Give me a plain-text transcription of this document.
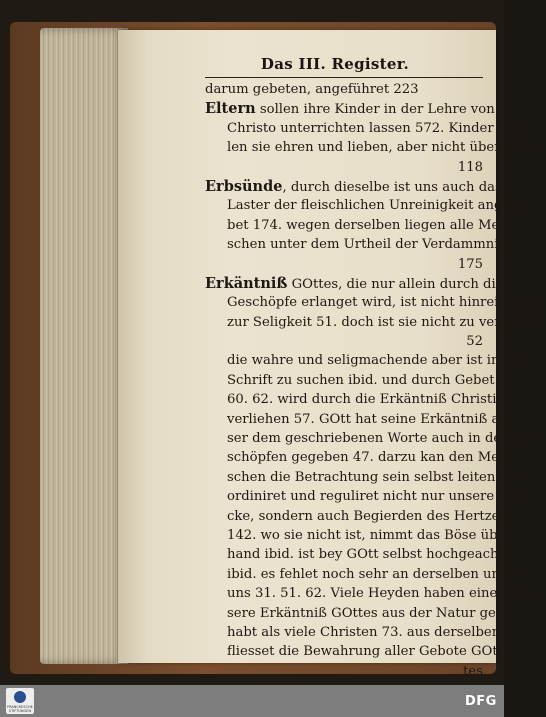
Das III. Register.
darum gebeten, angeführet 223
Eltern sollen ihre Kinder in der Lehre von
Christo unterrichten lassen 572. Kinder sol-
len sie ehren und lieben, aber nicht über GOtt
118
Erbsünde, durch dieselbe ist uns auch das
Laster der fleischlichen Unreinigkeit angeer-
bet 174. wegen derselben liegen alle Men-
schen unter dem Urtheil der Verdammniß
175
Erkäntniß GOttes, die nur allein durch die
Geschöpfe erlanget wird, ist nicht hinreichend
zur Seligkeit 51. doch ist sie nicht zu verachten
52
die wahre und seligmachende aber ist in der
Schrift zu suchen ibid. und durch Gebet
60. 62. wird durch die Erkäntniß Christi
verliehen 57. GOtt hat seine Erkäntniß auf-
ser dem geschriebenen Worte auch in den Ge-
schöpfen gegeben 47. darzu kan den Men-
schen die Betrachtung sein selbst leiten 50.
ordiniret und reguliret nicht nur unsere Wer-
cke, sondern auch Begierden des Hertzens
142. wo sie nicht ist, nimmt das Böse über-
hand ibid. ist bey GOtt selbst hochgeachtet
ibid. es fehlet noch sehr an derselben unter
uns 31. 51. 62. Viele Heyden haben eine grös-
sere Erkäntniß GOttes aus der Natur ge-
habt als viele Christen 73. aus derselben
fliesset die Bewahrung aller Gebote GOt-
tes
FRANCKESCHE STIFTUNGEN
DFG
